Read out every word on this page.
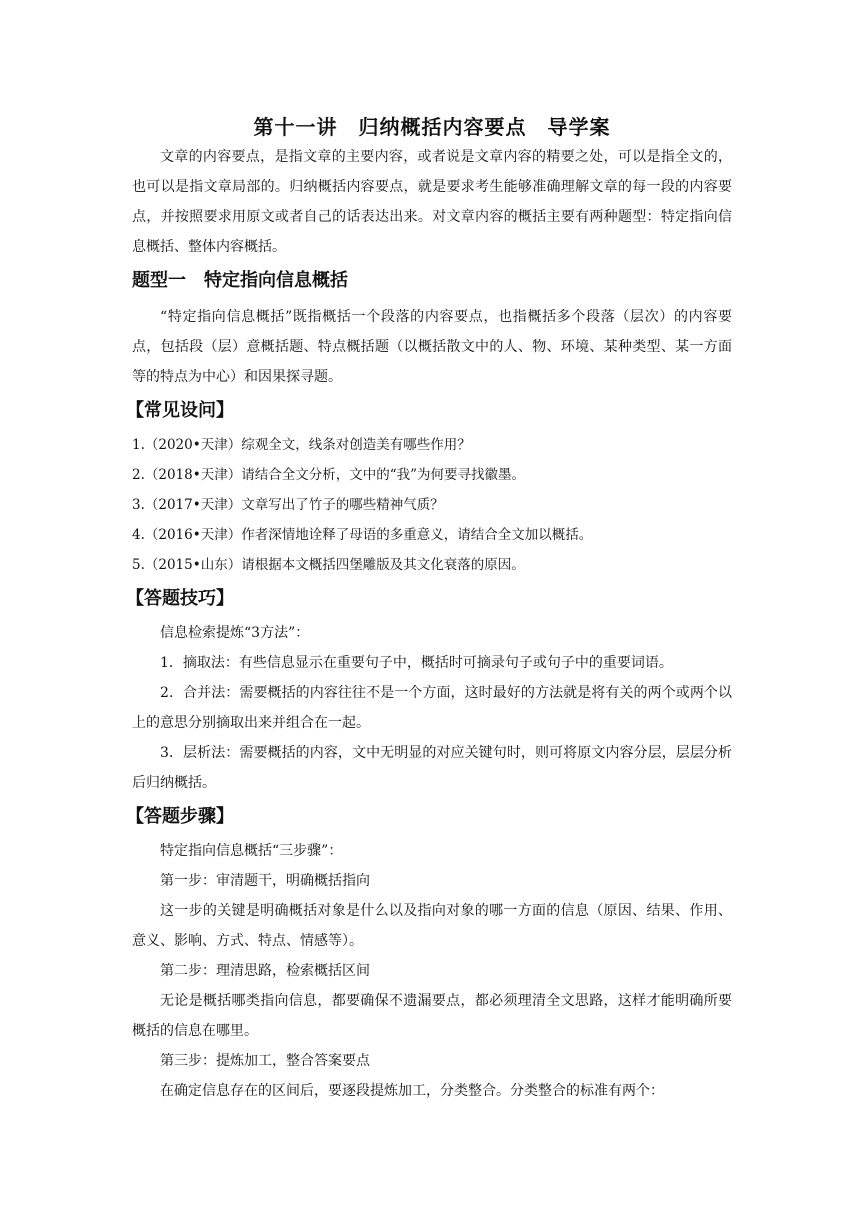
第十一讲　归纳概括内容要点　导学案

文章的内容要点，是指文章的主要内容，或者说是文章内容的精要之处，可以是指全文的，也可以是指文章局部的。归纳概括内容要点，就是要求考生能够准确理解文章的每一段的内容要点，并按照要求用原文或者自己的话表达出来。对文章内容的概括主要有两种题型：特定指向信息概括、整体内容概括。

题型一　特定指向信息概括

“特定指向信息概括”既指概括一个段落的内容要点，也指概括多个段落（层次）的内容要点，包括段（层）意概括题、特点概括题（以概括散文中的人、物、环境、某种类型、某一方面等的特点为中心）和因果探寻题。

【常见设问】

1.（2020•天津）综观全文，线条对创造美有哪些作用？

2.（2018•天津）请结合全文分析，文中的“我”为何要寻找徽墨。

3.（2017•天津）文章写出了竹子的哪些精神气质？

4.（2016•天津）作者深情地诠释了母语的多重意义，请结合全文加以概括。

5.（2015•山东）请根据本文概括四堡雕版及其文化衰落的原因。

【答题技巧】

信息检索提炼“3方法”：

1．摘取法：有些信息显示在重要句子中，概括时可摘录句子或句子中的重要词语。

2．合并法：需要概括的内容往往不是一个方面，这时最好的方法就是将有关的两个或两个以上的意思分别摘取出来并组合在一起。

3．层析法：需要概括的内容，文中无明显的对应关键句时，则可将原文内容分层，层层分析后归纳概括。

【答题步骤】

特定指向信息概括“三步骤”：

第一步：审清题干，明确概括指向

这一步的关键是明确概括对象是什么以及指向对象的哪一方面的信息（原因、结果、作用、意义、影响、方式、特点、情感等）。

第二步：理清思路，检索概括区间

无论是概括哪类指向信息，都要确保不遗漏要点，都必须理清全文思路，这样才能明确所要概括的信息在哪里。

第三步：提炼加工，整合答案要点

在确定信息存在的区间后，要逐段提炼加工，分类整合。分类整合的标准有两个：
